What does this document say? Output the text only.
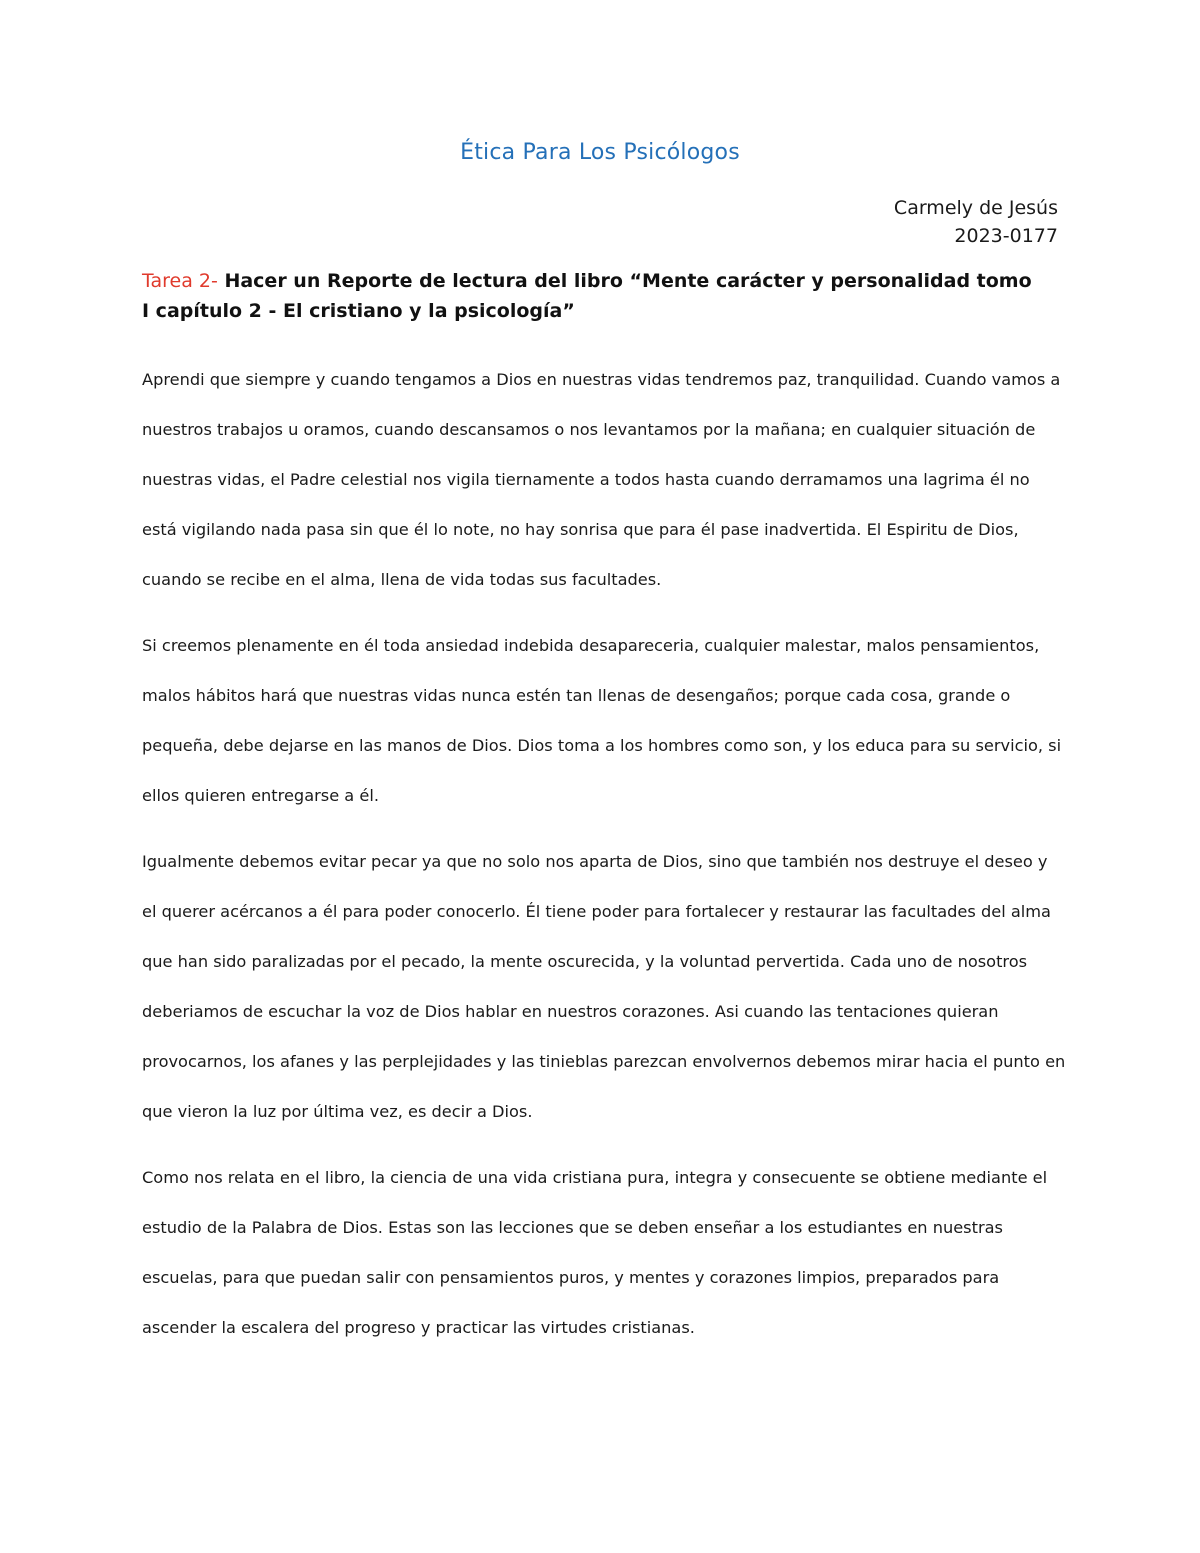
Ética Para Los Psicólogos
Carmely de Jesús
2023-0177
Tarea 2- Hacer un Reporte de lectura del libro “Mente carácter y personalidad tomo I capítulo 2 - El cristiano y la psicología”

Aprendi que siempre y cuando tengamos a Dios en nuestras vidas tendremos paz, tranquilidad. Cuando vamos a nuestros trabajos u oramos, cuando descansamos o nos levantamos por la mañana; en cualquier situación de nuestras vidas, el Padre celestial nos vigila tiernamente a todos hasta cuando derramamos una lagrima él no está vigilando nada pasa sin que él lo note, no hay sonrisa que para él pase inadvertida. El Espiritu de Dios, cuando se recibe en el alma, llena de vida todas sus facultades.

Si creemos plenamente en él toda ansiedad indebida desapareceria, cualquier malestar, malos pensamientos, malos hábitos hará que nuestras vidas nunca estén tan llenas de desengaños; porque cada cosa, grande o pequeña, debe dejarse en las manos de Dios. Dios toma a los hombres como son, y los educa para su servicio, si ellos quieren entregarse a él.

Igualmente debemos evitar pecar ya que no solo nos aparta de Dios, sino que también nos destruye el deseo y el querer acércanos a él para poder conocerlo. Él tiene poder para fortalecer y restaurar las facultades del alma que han sido paralizadas por el pecado, la mente oscurecida, y la voluntad pervertida. Cada uno de nosotros deberiamos de escuchar la voz de Dios hablar en nuestros corazones. Asi cuando las tentaciones quieran provocarnos, los afanes y las perplejidades y las tinieblas parezcan envolvernos debemos mirar hacia el punto en que vieron la luz por última vez, es decir a Dios.

Como nos relata en el libro, la ciencia de una vida cristiana pura, integra y consecuente se obtiene mediante el estudio de la Palabra de Dios. Estas son las lecciones que se deben enseñar a los estudiantes en nuestras escuelas, para que puedan salir con pensamientos puros, y mentes y corazones limpios, preparados para ascender la escalera del progreso y practicar las virtudes cristianas.
